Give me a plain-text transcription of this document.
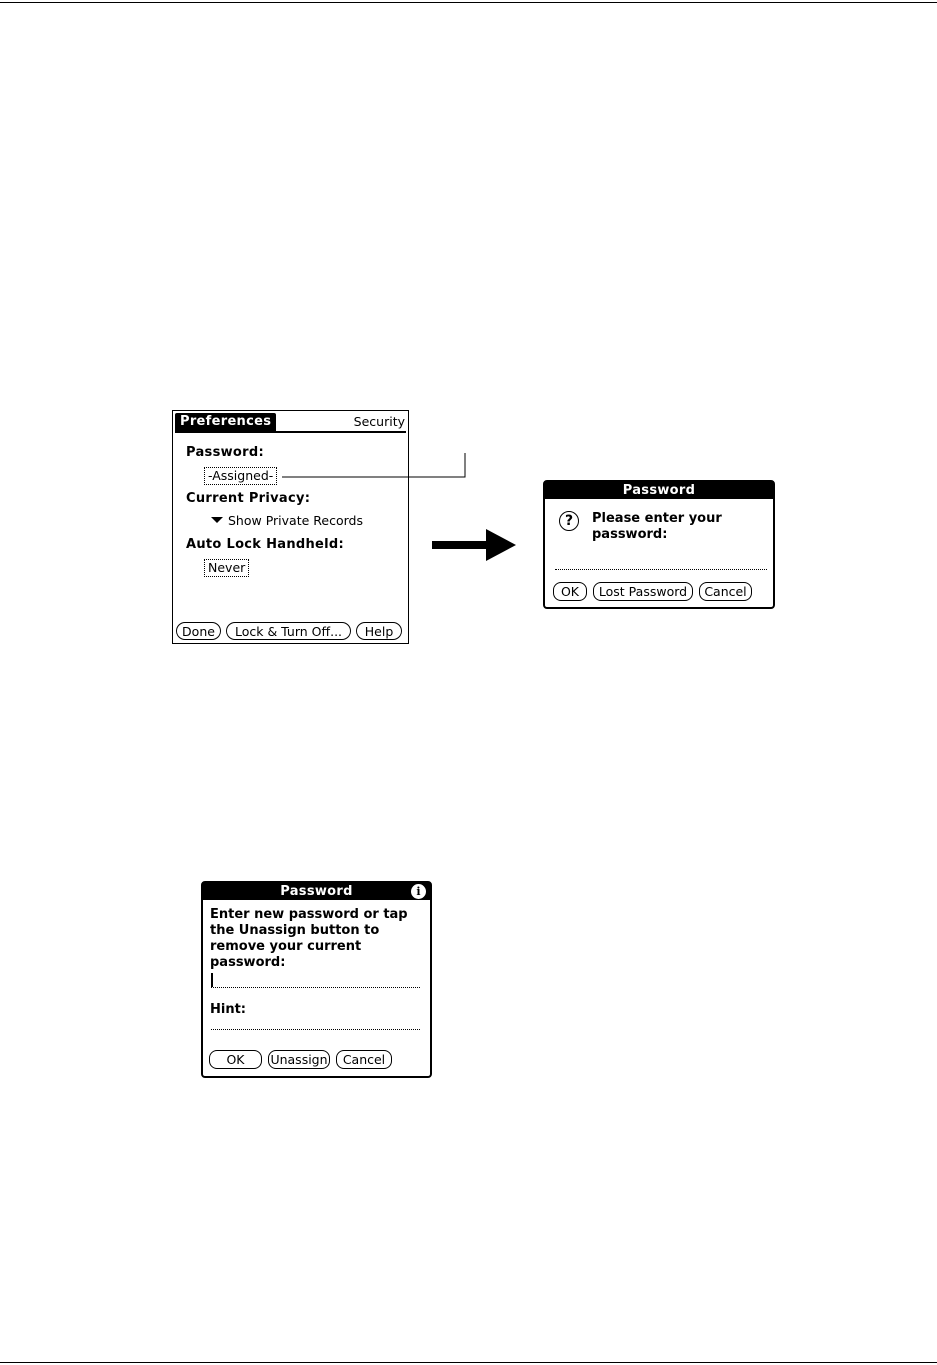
Preferences	Security
Password:
-Assigned-
Current Privacy:
Show Private Records
Auto Lock Handheld:
Never
Done	Lock & Turn Off...	Help
Password
?	Please enter your password:
OK	Lost Password	Cancel
Password	i
Enter new password or tap the Unassign button to remove your current password:
Hint:
OK	Unassign	Cancel
